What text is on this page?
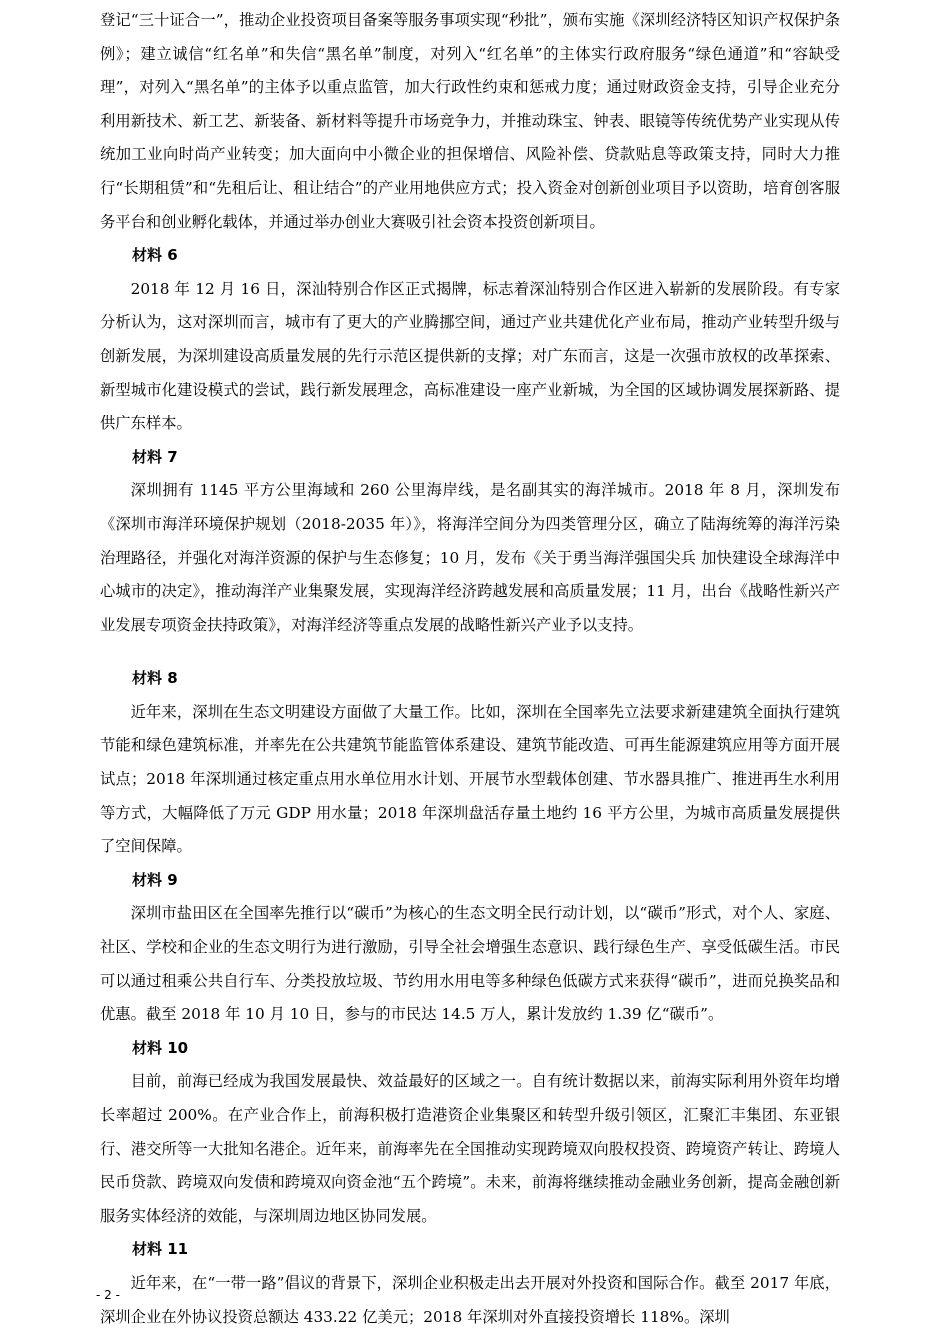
登记“三十证合一”，推动企业投资项目备案等服务事项实现“秒批”，颁布实施《深圳经济特区知识产权保护条例》；建立诚信“红名单”和失信“黑名单”制度，对列入“红名单”的主体实行政府服务“绿色通道”和“容缺受理”，对列入“黑名单”的主体予以重点监管，加大行政性约束和惩戒力度；通过财政资金支持，引导企业充分利用新技术、新工艺、新装备、新材料等提升市场竞争力，并推动珠宝、钟表、眼镜等传统优势产业实现从传统加工业向时尚产业转变；加大面向中小微企业的担保增信、风险补偿、贷款贴息等政策支持，同时大力推行“长期租赁”和“先租后让、租让结合”的产业用地供应方式；投入资金对创新创业项目予以资助，培育创客服务平台和创业孵化载体，并通过举办创业大赛吸引社会资本投资创新项目。

材料 6

2018 年 12 月 16 日，深汕特别合作区正式揭牌，标志着深汕特别合作区进入崭新的发展阶段。有专家分析认为，这对深圳而言，城市有了更大的产业腾挪空间，通过产业共建优化产业布局，推动产业转型升级与创新发展，为深圳建设高质量发展的先行示范区提供新的支撑；对广东而言，这是一次强市放权的改革探索、新型城市化建设模式的尝试，践行新发展理念，高标准建设一座产业新城，为全国的区域协调发展探新路、提供广东样本。

材料 7

深圳拥有 1145 平方公里海域和 260 公里海岸线，是名副其实的海洋城市。2018 年 8 月，深圳发布《深圳市海洋环境保护规划（2018-2035 年）》，将海洋空间分为四类管理分区，确立了陆海统筹的海洋污染治理路径，并强化对海洋资源的保护与生态修复；10 月，发布《关于勇当海洋强国尖兵 加快建设全球海洋中心城市的决定》，推动海洋产业集聚发展，实现海洋经济跨越发展和高质量发展；11 月，出台《战略性新兴产业发展专项资金扶持政策》，对海洋经济等重点发展的战略性新兴产业予以支持。

材料 8

近年来，深圳在生态文明建设方面做了大量工作。比如，深圳在全国率先立法要求新建建筑全面执行建筑节能和绿色建筑标准，并率先在公共建筑节能监管体系建设、建筑节能改造、可再生能源建筑应用等方面开展试点；2018 年深圳通过核定重点用水单位用水计划、开展节水型载体创建、节水器具推广、推进再生水利用等方式，大幅降低了万元 GDP 用水量；2018 年深圳盘活存量土地约 16 平方公里，为城市高质量发展提供了空间保障。

材料 9

深圳市盐田区在全国率先推行以“碳币”为核心的生态文明全民行动计划，以“碳币”形式，对个人、家庭、社区、学校和企业的生态文明行为进行激励，引导全社会增强生态意识、践行绿色生产、享受低碳生活。市民可以通过租乘公共自行车、分类投放垃圾、节约用水用电等多种绿色低碳方式来获得“碳币”，进而兑换奖品和优惠。截至 2018 年 10 月 10 日，参与的市民达 14.5 万人，累计发放约 1.39 亿“碳币”。

材料 10

目前，前海已经成为我国发展最快、效益最好的区域之一。自有统计数据以来，前海实际利用外资年均增长率超过 200%。在产业合作上，前海积极打造港资企业集聚区和转型升级引领区，汇聚汇丰集团、东亚银行、港交所等一大批知名港企。近年来，前海率先在全国推动实现跨境双向股权投资、跨境资产转让、跨境人民币贷款、跨境双向发债和跨境双向资金池“五个跨境”。未来，前海将继续推动金融业务创新，提高金融创新服务实体经济的效能，与深圳周边地区协同发展。

材料 11

近年来，在“一带一路”倡议的背景下，深圳企业积极走出去开展对外投资和国际合作。截至 2017 年底，深圳企业在外协议投资总额达 433.22 亿美元；2018 年深圳对外直接投资增长 118%。深圳

- 2 -
